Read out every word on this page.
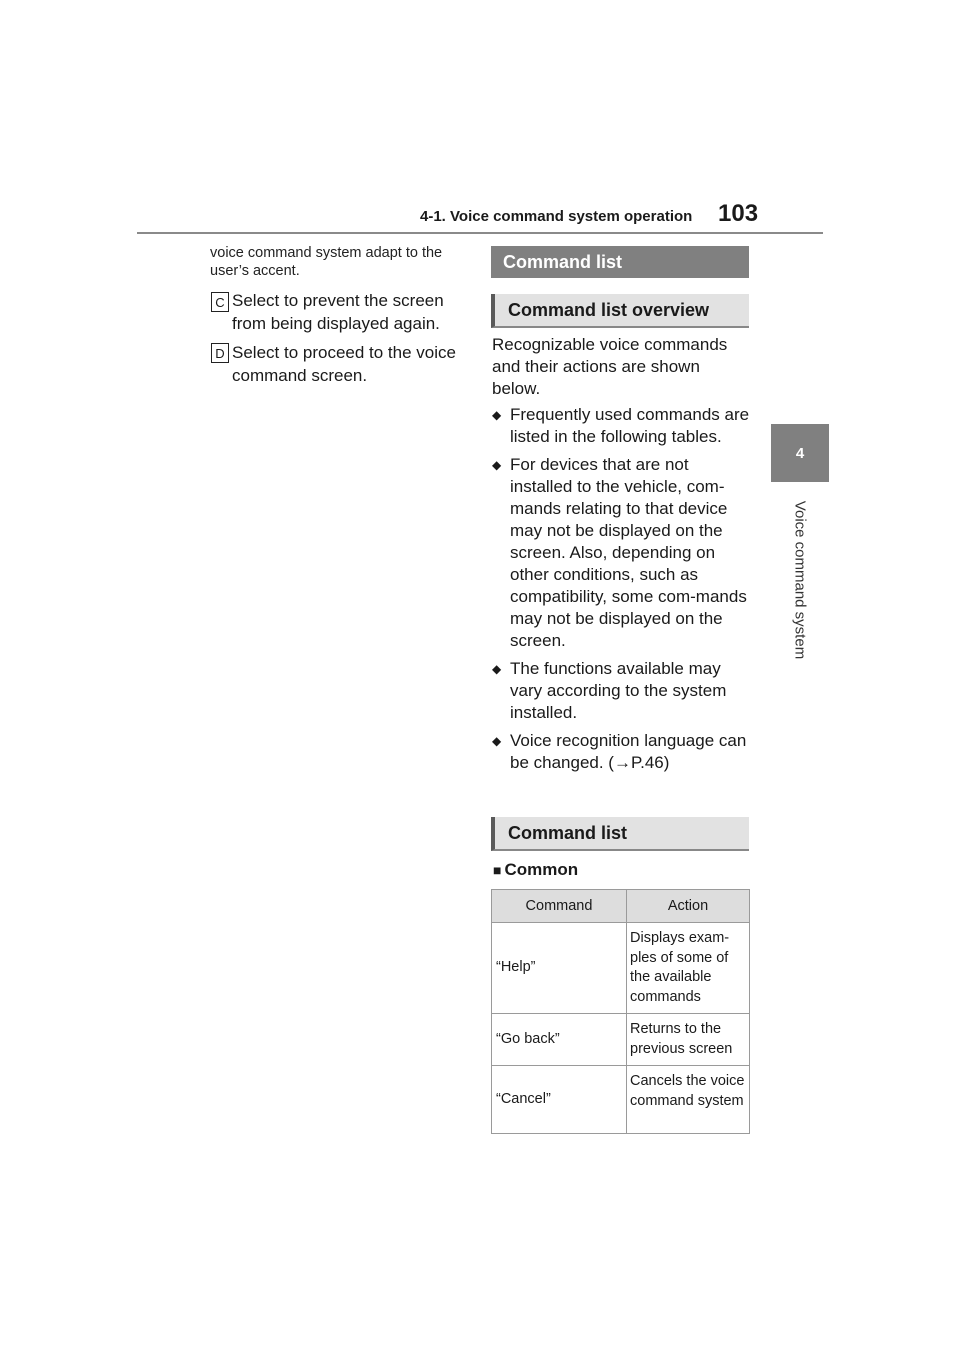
4-1. Voice command system operation 103
4
Voice command system
voice command system adapt to the user’s accent.
C Select to prevent the screen from being displayed again.
D Select to proceed to the voice command screen.
Command list
Command list overview
Recognizable voice commands and their actions are shown below.
◆ Frequently used commands are listed in the following tables.
◆ For devices that are not installed to the vehicle, com-mands relating to that device may not be displayed on the screen. Also, depending on other conditions, such as compatibility, some com-mands may not be displayed on the screen.
◆ The functions available may vary according to the system installed.
◆ Voice recognition language can be changed. (→P.46)
Command list
■ Common
Command	Action
“Help”	Displays exam-ples of some of the available commands
“Go back”	Returns to the previous screen
“Cancel”	Cancels the voice command system
